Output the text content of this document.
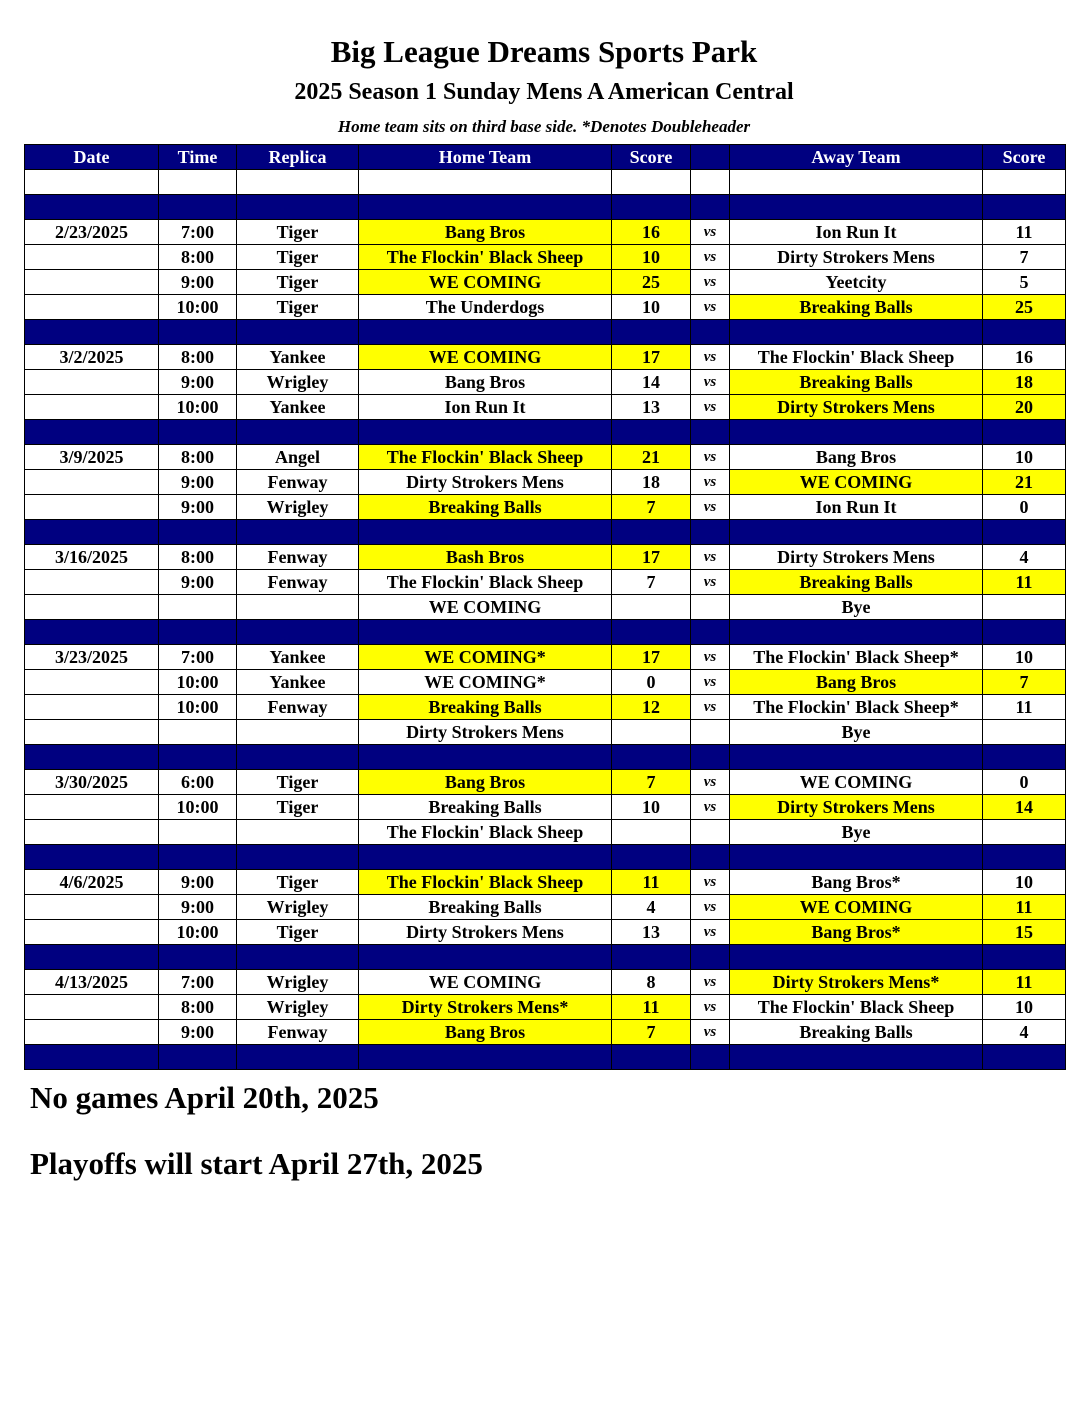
Big League Dreams Sports Park
2025 Season 1 Sunday Mens A American Central
Home team sits on third base side. *Denotes Doubleheader
Date	Time	Replica	Home Team	Score		Away Team	Score

2/23/2025	7:00	Tiger	Bang Bros	16	vs	Ion Run It	11
	8:00	Tiger	The Flockin' Black Sheep	10	vs	Dirty Strokers Mens	7
	9:00	Tiger	WE COMING	25	vs	Yeetcity	5
	10:00	Tiger	The Underdogs	10	vs	Breaking Balls	25

3/2/2025	8:00	Yankee	WE COMING	17	vs	The Flockin' Black Sheep	16
	9:00	Wrigley	Bang Bros	14	vs	Breaking Balls	18
	10:00	Yankee	Ion Run It	13	vs	Dirty Strokers Mens	20

3/9/2025	8:00	Angel	The Flockin' Black Sheep	21	vs	Bang Bros	10
	9:00	Fenway	Dirty Strokers Mens	18	vs	WE COMING	21
	9:00	Wrigley	Breaking Balls	7	vs	Ion Run It	0

3/16/2025	8:00	Fenway	Bash Bros	17	vs	Dirty Strokers Mens	4
	9:00	Fenway	The Flockin' Black Sheep	7	vs	Breaking Balls	11
			WE COMING			Bye	

3/23/2025	7:00	Yankee	WE COMING*	17	vs	The Flockin' Black Sheep*	10
	10:00	Yankee	WE COMING*	0	vs	Bang Bros	7
	10:00	Fenway	Breaking Balls	12	vs	The Flockin' Black Sheep*	11
			Dirty Strokers Mens			Bye	

3/30/2025	6:00	Tiger	Bang Bros	7	vs	WE COMING	0
	10:00	Tiger	Breaking Balls	10	vs	Dirty Strokers Mens	14
			The Flockin' Black Sheep			Bye	

4/6/2025	9:00	Tiger	The Flockin' Black Sheep	11	vs	Bang Bros*	10
	9:00	Wrigley	Breaking Balls	4	vs	WE COMING	11
	10:00	Tiger	Dirty Strokers Mens	13	vs	Bang Bros*	15

4/13/2025	7:00	Wrigley	WE COMING	8	vs	Dirty Strokers Mens*	11
	8:00	Wrigley	Dirty Strokers Mens*	11	vs	The Flockin' Black Sheep	10
	9:00	Fenway	Bang Bros	7	vs	Breaking Balls	4

No games April 20th, 2025
Playoffs will start April 27th, 2025
